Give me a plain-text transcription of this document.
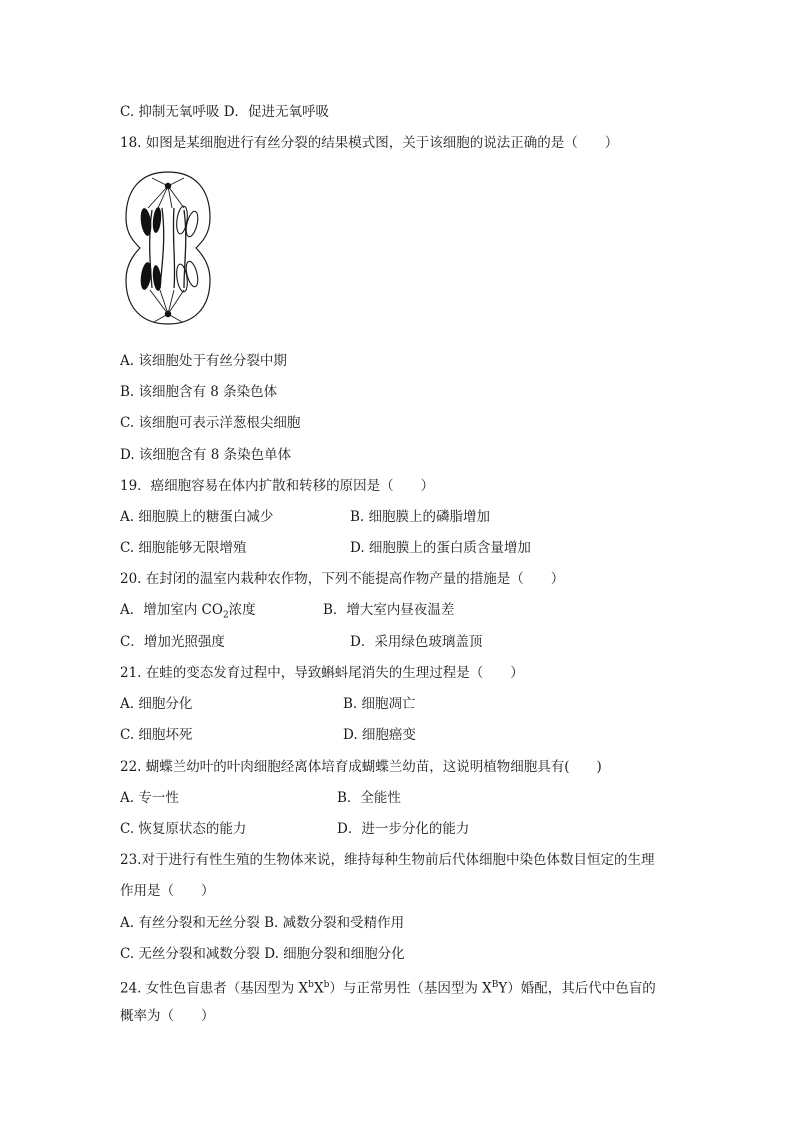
C. 抑制无氧呼吸 D．促进无氧呼吸
18. 如图是某细胞进行有丝分裂的结果模式图，关于该细胞的说法正确的是（　　）
A. 该细胞处于有丝分裂中期
B. 该细胞含有 8 条染色体
C. 该细胞可表示洋葱根尖细胞
D. 该细胞含有 8 条染色单体
19．癌细胞容易在体内扩散和转移的原因是（　　）
A. 细胞膜上的糖蛋白减少	B. 细胞膜上的磷脂增加
C. 细胞能够无限增殖	D. 细胞膜上的蛋白质含量增加
20. 在封闭的温室内栽种农作物，下列不能提高作物产量的措施是（　　）
A．增加室内 $CO_2$浓度	B．增大室内昼夜温差
C．增加光照强度	D．采用绿色玻璃盖顶
21. 在蛙的变态发育过程中，导致蝌蚪尾消失的生理过程是（　　）
A. 细胞分化	B. 细胞凋亡
C. 细胞坏死	D. 细胞癌变
22. 蝴蝶兰幼叶的叶肉细胞经离体培育成蝴蝶兰幼苗，这说明植物细胞具有(　　)
A. 专一性	B．全能性
C. 恢复原状态的能力	D．进一步分化的能力
23.对于进行有性生殖的生物体来说，维持每种生物前后代体细胞中染色体数目恒定的生理
作用是（　　）
A. 有丝分裂和无丝分裂 B. 减数分裂和受精作用
C. 无丝分裂和减数分裂 D. 细胞分裂和细胞分化
24. 女性色盲患者（基因型为 $X^bX^b$）与正常男性（基因型为 $X^BY$）婚配，其后代中色盲的
概率为（　　）
